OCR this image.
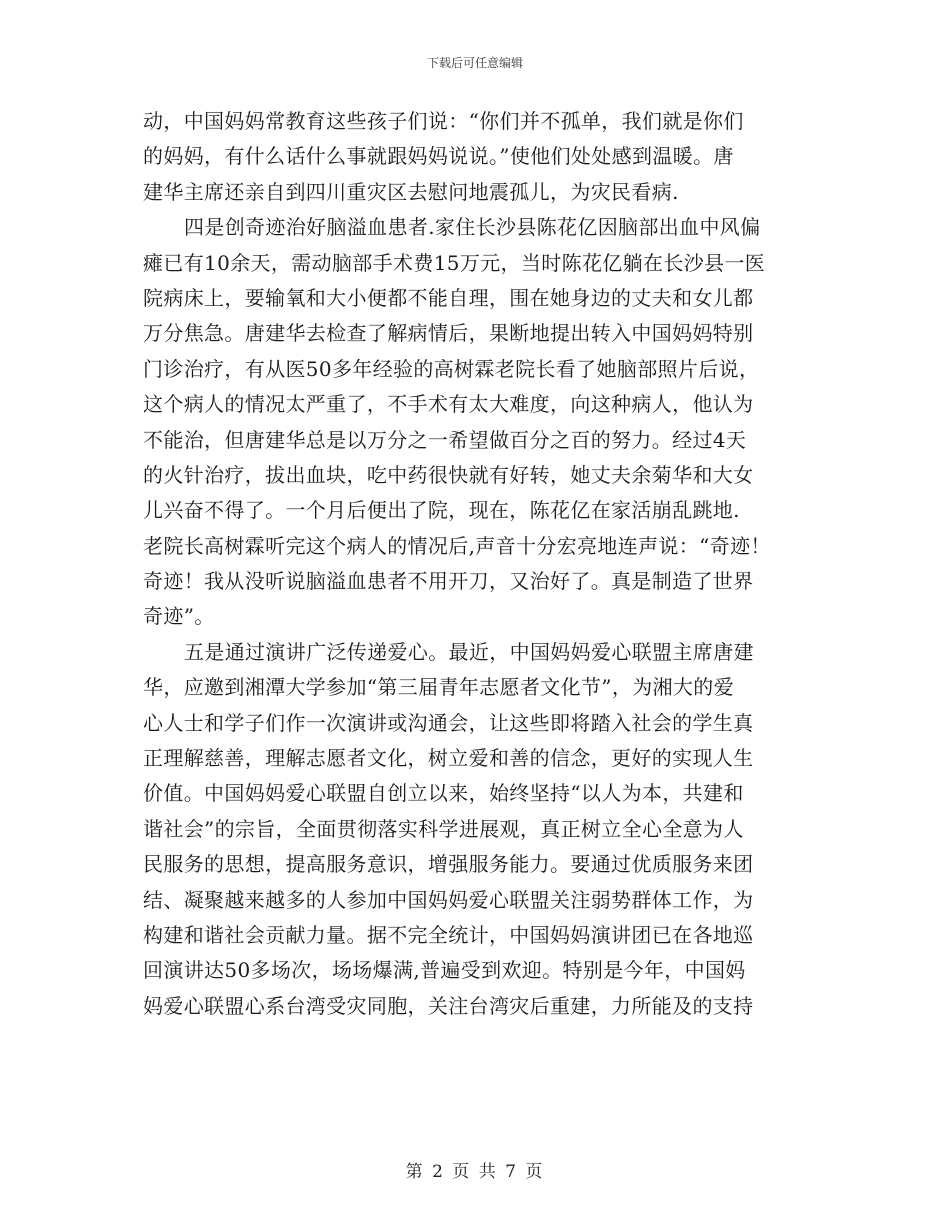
下载后可任意编辑
动，中国妈妈常教育这些孩子们说：“你们并不孤单，我们就是你们
的妈妈，有什么话什么事就跟妈妈说说。”使他们处处感到温暖。唐
建华主席还亲自到四川重灾区去慰问地震孤儿，为灾民看病.
四是创奇迹治好脑溢血患者.家住长沙县陈花亿因脑部出血中风偏
瘫已有10余天，需动脑部手术费15万元，当时陈花亿躺在长沙县一医
院病床上，要输氧和大小便都不能自理，围在她身边的丈夫和女儿都
万分焦急。唐建华去检查了解病情后，果断地提出转入中国妈妈特别
门诊治疗，有从医50多年经验的高树霖老院长看了她脑部照片后说，
这个病人的情况太严重了，不手术有太大难度，向这种病人，他认为
不能治，但唐建华总是以万分之一希望做百分之百的努力。经过4天
的火针治疗，拔出血块，吃中药很快就有好转，她丈夫余菊华和大女
儿兴奋不得了。一个月后便出了院，现在，陈花亿在家活崩乱跳地.
老院长高树霖听完这个病人的情况后,声音十分宏亮地连声说：“奇迹！
奇迹！我从没听说脑溢血患者不用开刀，又治好了。真是制造了世界
奇迹”。
五是通过演讲广泛传递爱心。最近，中国妈妈爱心联盟主席唐建
华，应邀到湘潭大学参加“第三届青年志愿者文化节”，为湘大的爱
心人士和学子们作一次演讲或沟通会，让这些即将踏入社会的学生真
正理解慈善，理解志愿者文化，树立爱和善的信念，更好的实现人生
价值。中国妈妈爱心联盟自创立以来，始终坚持“以人为本，共建和
谐社会”的宗旨，全面贯彻落实科学进展观，真正树立全心全意为人
民服务的思想，提高服务意识，增强服务能力。要通过优质服务来团
结、凝聚越来越多的人参加中国妈妈爱心联盟关注弱势群体工作，为
构建和谐社会贡献力量。据不完全统计，中国妈妈演讲团已在各地巡
回演讲达50多场次，场场爆满,普遍受到欢迎。特别是今年，中国妈
妈爱心联盟心系台湾受灾同胞，关注台湾灾后重建，力所能及的支持
第 2 页 共 7 页
